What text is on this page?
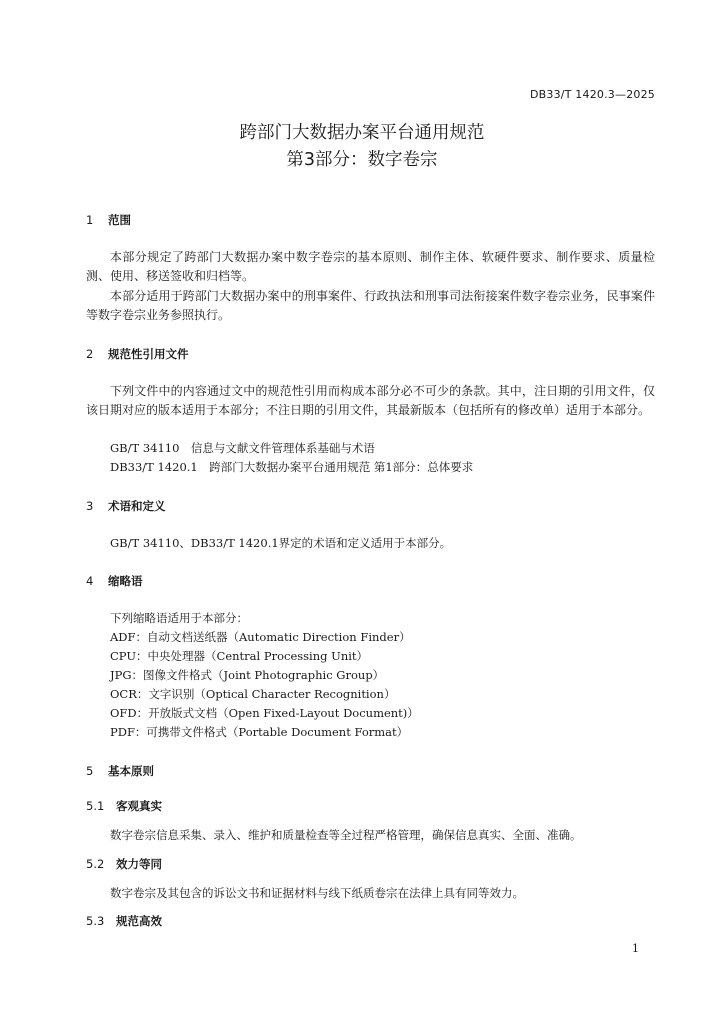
DB33/T 1420.3—2025
跨部门大数据办案平台通用规范
第3部分：数字卷宗
1 范围

本部分规定了跨部门大数据办案中数字卷宗的基本原则、制作主体、软硬件要求、制作要求、质量检测、使用、移送签收和归档等。

本部分适用于跨部门大数据办案中的刑事案件、行政执法和刑事司法衔接案件数字卷宗业务，民事案件等数字卷宗业务参照执行。

2 规范性引用文件

下列文件中的内容通过文中的规范性引用而构成本部分必不可少的条款。其中，注日期的引用文件，仅该日期对应的版本适用于本部分；不注日期的引用文件，其最新版本（包括所有的修改单）适用于本部分。

GB/T 34110　信息与文献文件管理体系基础与术语
DB33/T 1420.1　跨部门大数据办案平台通用规范 第1部分：总体要求
3 术语和定义
GB/T 34110、DB33/T 1420.1界定的术语和定义适用于本部分。
4 缩略语
下列缩略语适用于本部分：
ADF：自动文档送纸器（Automatic Direction Finder）
CPU：中央处理器（Central Processing Unit）
JPG：图像文件格式（Joint Photographic Group）
OCR：文字识别（Optical Character Recognition）
OFD：开放版式文档（Open Fixed-Layout Document)）
PDF：可携带文件格式（Portable Document Format）
5 基本原则
5.1 客观真实
数字卷宗信息采集、录入、维护和质量检查等全过程严格管理，确保信息真实、全面、准确。
5.2 效力等同
数字卷宗及其包含的诉讼文书和证据材料与线下纸质卷宗在法律上具有同等效力。
5.3 规范高效
1
